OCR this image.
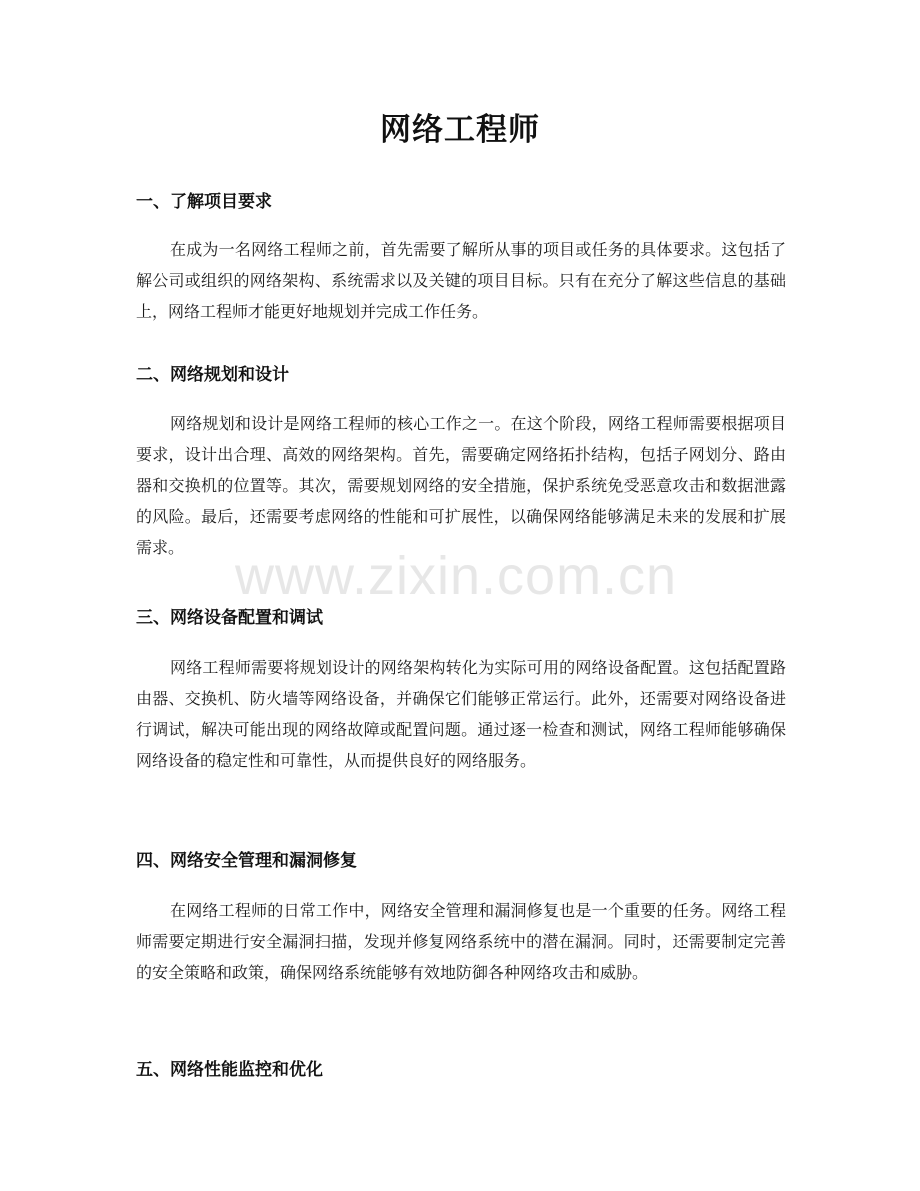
网络工程师
一、了解项目要求
在成为一名网络工程师之前，首先需要了解所从事的项目或任务的具体要求。这包括了解公司或组织的网络架构、系统需求以及关键的项目目标。只有在充分了解这些信息的基础上，网络工程师才能更好地规划并完成工作任务。
二、网络规划和设计
网络规划和设计是网络工程师的核心工作之一。在这个阶段，网络工程师需要根据项目要求，设计出合理、高效的网络架构。首先，需要确定网络拓扑结构，包括子网划分、路由器和交换机的位置等。其次，需要规划网络的安全措施，保护系统免受恶意攻击和数据泄露的风险。最后，还需要考虑网络的性能和可扩展性，以确保网络能够满足未来的发展和扩展需求。
三、网络设备配置和调试
网络工程师需要将规划设计的网络架构转化为实际可用的网络设备配置。这包括配置路由器、交换机、防火墙等网络设备，并确保它们能够正常运行。此外，还需要对网络设备进行调试，解决可能出现的网络故障或配置问题。通过逐一检查和测试，网络工程师能够确保网络设备的稳定性和可靠性，从而提供良好的网络服务。
四、网络安全管理和漏洞修复
在网络工程师的日常工作中，网络安全管理和漏洞修复也是一个重要的任务。网络工程师需要定期进行安全漏洞扫描，发现并修复网络系统中的潜在漏洞。同时，还需要制定完善的安全策略和政策，确保网络系统能够有效地防御各种网络攻击和威胁。
五、网络性能监控和优化
www.zixin.com.cn
